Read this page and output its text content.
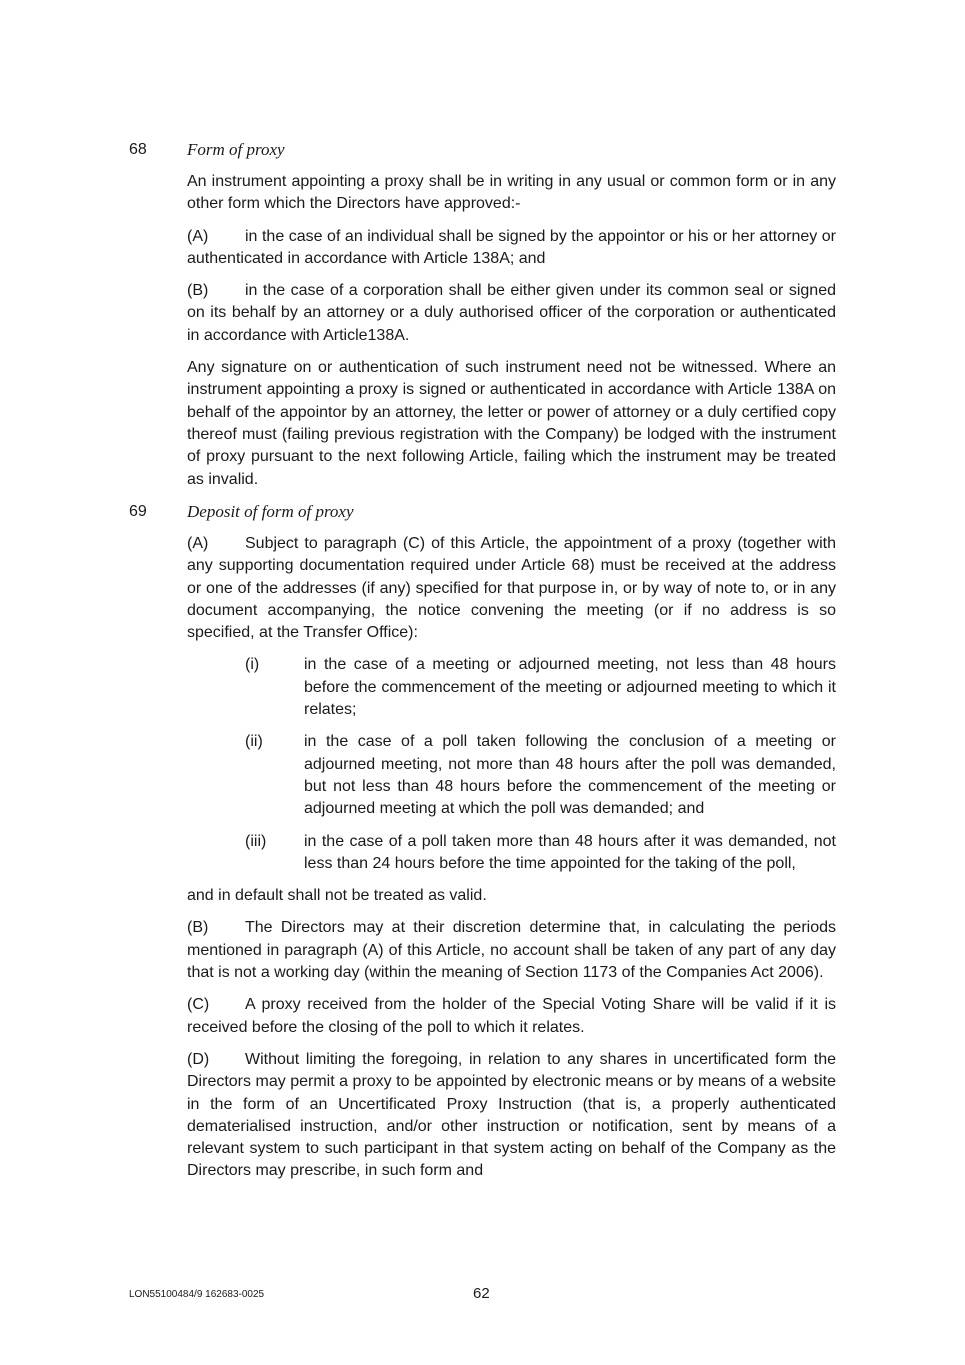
68 Form of proxy

An instrument appointing a proxy shall be in writing in any usual or common form or in any other form which the Directors have approved:-

(A) in the case of an individual shall be signed by the appointor or his or her attorney or authenticated in accordance with Article 138A; and

(B) in the case of a corporation shall be either given under its common seal or signed on its behalf by an attorney or a duly authorised officer of the corporation or authenticated in accordance with Article138A.

Any signature on or authentication of such instrument need not be witnessed. Where an instrument appointing a proxy is signed or authenticated in accordance with Article 138A on behalf of the appointor by an attorney, the letter or power of attorney or a duly certified copy thereof must (failing previous registration with the Company) be lodged with the instrument of proxy pursuant to the next following Article, failing which the instrument may be treated as invalid.

69 Deposit of form of proxy

(A) Subject to paragraph (C) of this Article, the appointment of a proxy (together with any supporting documentation required under Article 68) must be received at the address or one of the addresses (if any) specified for that purpose in, or by way of note to, or in any document accompanying, the notice convening the meeting (or if no address is so specified, at the Transfer Office):

(i)	in the case of a meeting or adjourned meeting, not less than 48 hours before the commencement of the meeting or adjourned meeting to which it relates;
(ii)	in the case of a poll taken following the conclusion of a meeting or adjourned meeting, not more than 48 hours after the poll was demanded, but not less than 48 hours before the commencement of the meeting or adjourned meeting at which the poll was demanded; and
(iii) in the case of a poll taken more than 48 hours after it was demanded, not less than 24 hours before the time appointed for the taking of the poll,

and in default shall not be treated as valid.

(B) The Directors may at their discretion determine that, in calculating the periods mentioned in paragraph (A) of this Article, no account shall be taken of any part of any day that is not a working day (within the meaning of Section 1173 of the Companies Act 2006).

(C) A proxy received from the holder of the Special Voting Share will be valid if it is received before the closing of the poll to which it relates.

(D) Without limiting the foregoing, in relation to any shares in uncertificated form the Directors may permit a proxy to be appointed by electronic means or by means of a website in the form of an Uncertificated Proxy Instruction (that is, a properly authenticated dematerialised instruction, and/or other instruction or notification, sent by means of a relevant system to such participant in that system acting on behalf of the Company as the Directors may prescribe, in such form and

LON55100484/9 162683-0025	62
